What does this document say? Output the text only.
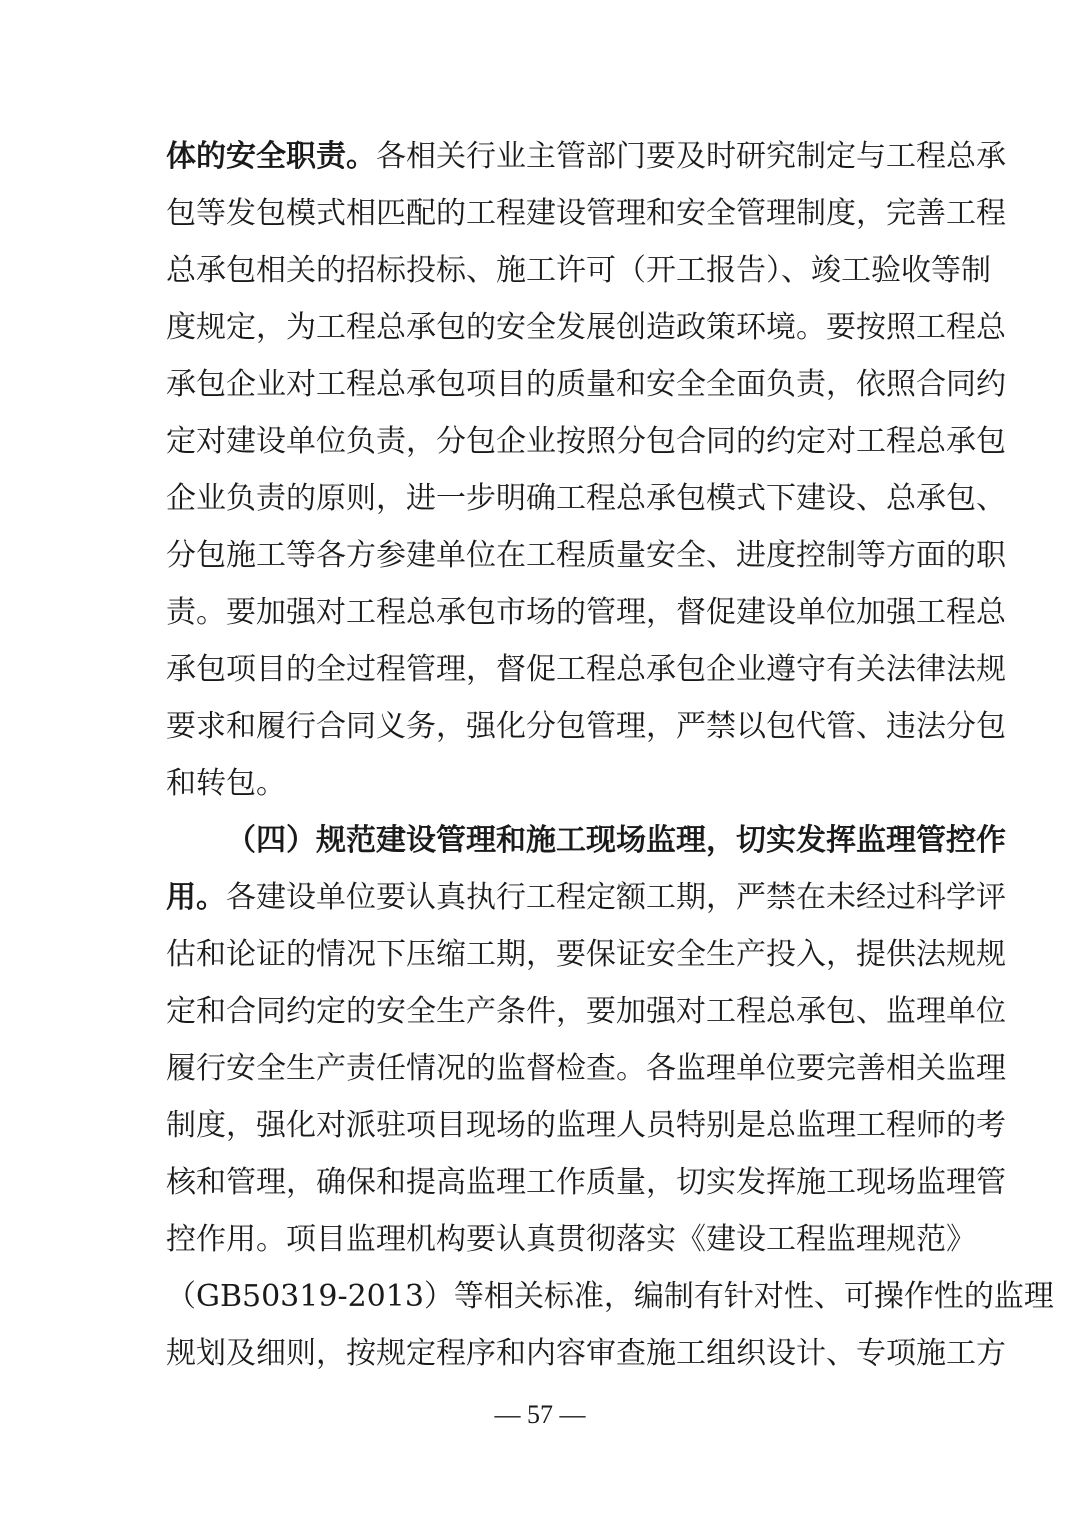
体的安全职责。各相关行业主管部门要及时研究制定与工程总承
包等发包模式相匹配的工程建设管理和安全管理制度，完善工程
总承包相关的招标投标、施工许可（开工报告）、竣工验收等制
度规定，为工程总承包的安全发展创造政策环境。要按照工程总
承包企业对工程总承包项目的质量和安全全面负责，依照合同约
定对建设单位负责，分包企业按照分包合同的约定对工程总承包
企业负责的原则，进一步明确工程总承包模式下建设、总承包、
分包施工等各方参建单位在工程质量安全、进度控制等方面的职
责。要加强对工程总承包市场的管理，督促建设单位加强工程总
承包项目的全过程管理，督促工程总承包企业遵守有关法律法规
要求和履行合同义务，强化分包管理，严禁以包代管、违法分包
和转包。
（四）规范建设管理和施工现场监理，切实发挥监理管控作
用。各建设单位要认真执行工程定额工期，严禁在未经过科学评
估和论证的情况下压缩工期，要保证安全生产投入，提供法规规
定和合同约定的安全生产条件，要加强对工程总承包、监理单位
履行安全生产责任情况的监督检查。各监理单位要完善相关监理
制度，强化对派驻项目现场的监理人员特别是总监理工程师的考
核和管理，确保和提高监理工作质量，切实发挥施工现场监理管
控作用。项目监理机构要认真贯彻落实《建设工程监理规范》
（GB50319-2013）等相关标准，编制有针对性、可操作性的监理
规划及细则，按规定程序和内容审查施工组织设计、专项施工方
— 57 —
